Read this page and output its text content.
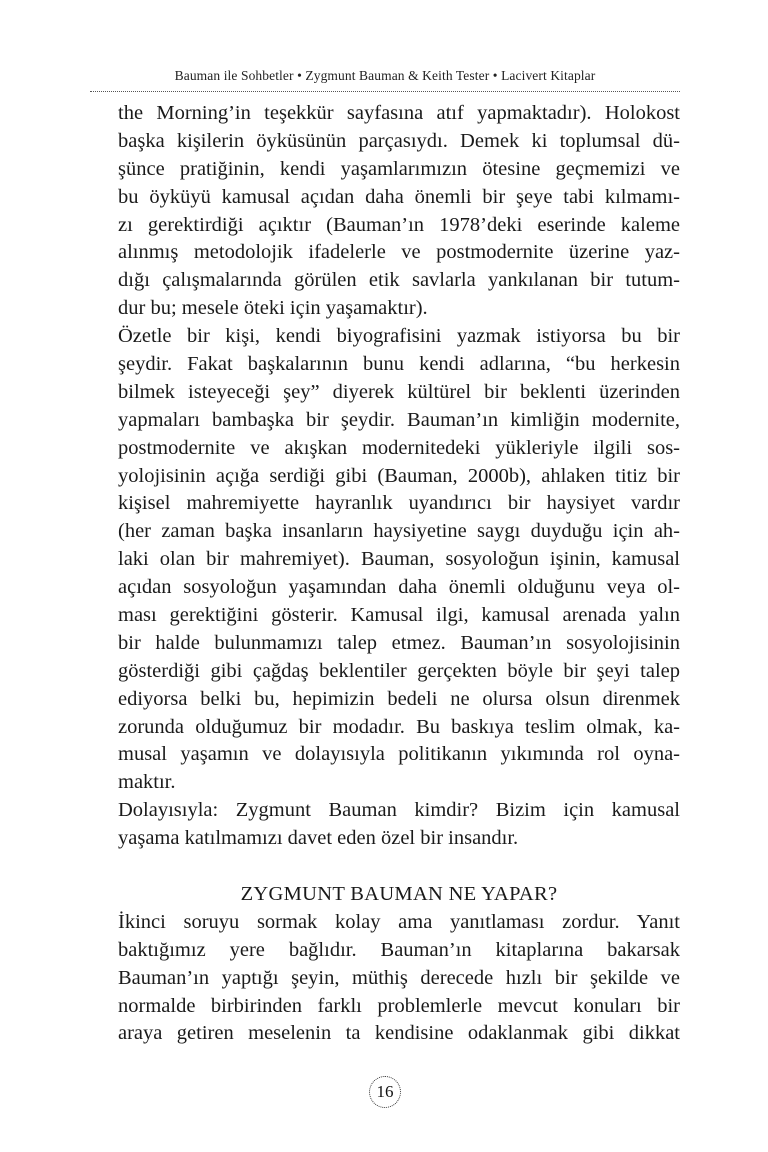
Bauman ile Sohbetler • Zygmunt Bauman & Keith Tester • Lacivert Kitaplar
the Morning’in teşekkür sayfasına atıf yapmaktadır). Holokost
başka kişilerin öyküsünün parçasıydı. Demek ki toplumsal dü-
şünce pratiğinin, kendi yaşamlarımızın ötesine geçmemizi ve
bu öyküyü kamusal açıdan daha önemli bir şeye tabi kılmamı-
zı gerektirdiği açıktır (Bauman’ın 1978’deki eserinde kaleme
alınmış metodolojik ifadelerle ve postmodernite üzerine yaz-
dığı çalışmalarında görülen etik savlarla yankılanan bir tutum-
dur bu; mesele öteki için yaşamaktır).
Özetle bir kişi, kendi biyografisini yazmak istiyorsa bu bir
şeydir. Fakat başkalarının bunu kendi adlarına, “bu herkesin
bilmek isteyeceği şey” diyerek kültürel bir beklenti üzerinden
yapmaları bambaşka bir şeydir. Bauman’ın kimliğin modernite,
postmodernite ve akışkan modernitedeki yükleriyle ilgili sos-
yolojisinin açığa serdiği gibi (Bauman, 2000b), ahlaken titiz bir
kişisel mahremiyette hayranlık uyandırıcı bir haysiyet vardır
(her zaman başka insanların haysiyetine saygı duyduğu için ah-
laki olan bir mahremiyet). Bauman, sosyoloğun işinin, kamusal
açıdan sosyoloğun yaşamından daha önemli olduğunu veya ol-
ması gerektiğini gösterir. Kamusal ilgi, kamusal arenada yalın
bir halde bulunmamızı talep etmez. Bauman’ın sosyolojisinin
gösterdiği gibi çağdaş beklentiler gerçekten böyle bir şeyi talep
ediyorsa belki bu, hepimizin bedeli ne olursa olsun direnmek
zorunda olduğumuz bir modadır. Bu baskıya teslim olmak, ka-
musal yaşamın ve dolayısıyla politikanın yıkımında rol oyna-
maktır.
Dolayısıyla: Zygmunt Bauman kimdir? Bizim için kamusal
yaşama katılmamızı davet eden özel bir insandır.
ZYGMUNT BAUMAN NE YAPAR?
İkinci soruyu sormak kolay ama yanıtlaması zordur. Yanıt
baktığımız yere bağlıdır. Bauman’ın kitaplarına bakarsak
Bauman’ın yaptığı şeyin, müthiş derecede hızlı bir şekilde ve
normalde birbirinden farklı problemlerle mevcut konuları bir
araya getiren meselenin ta kendisine odaklanmak gibi dikkat
16
